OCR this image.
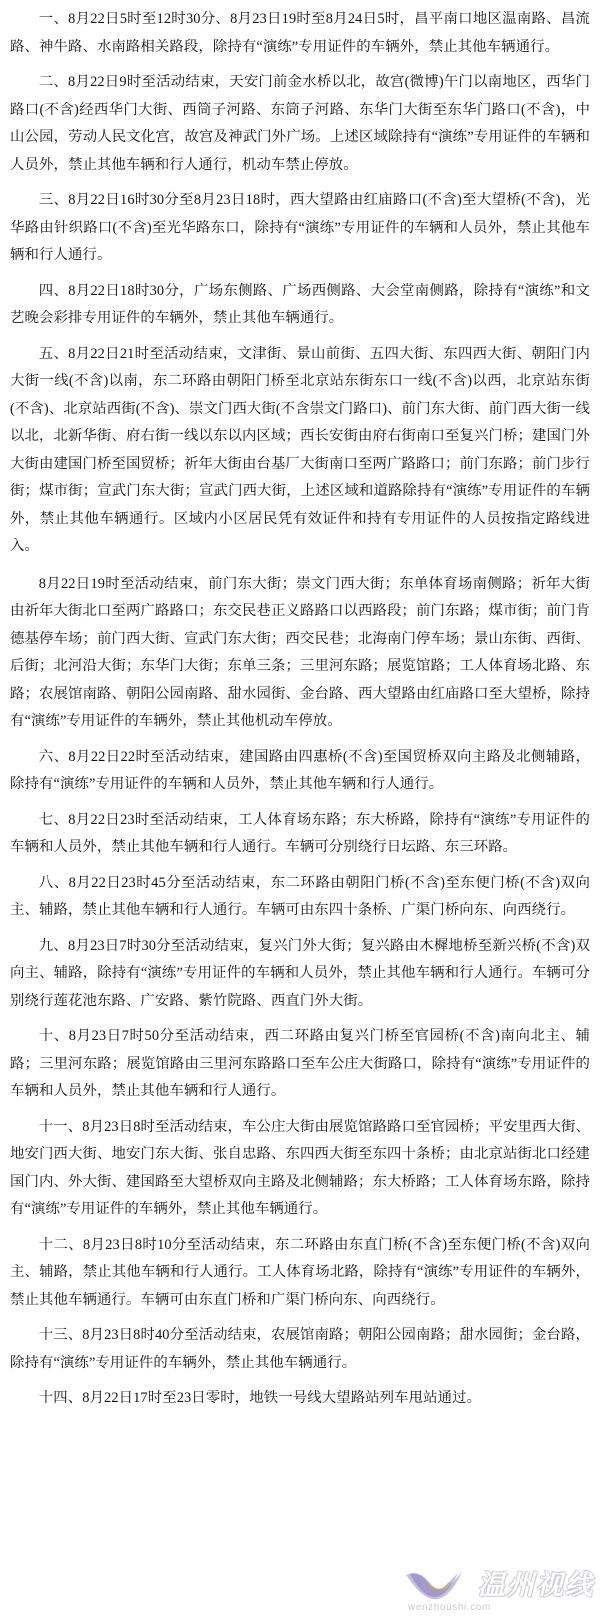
一、8月22日5时至12时30分、8月23日19时至8月24日5时，昌平南口地区温南路、昌流路、神牛路、水南路相关路段，除持有“演练”专用证件的车辆外，禁止其他车辆通行。

二、8月22日9时至活动结束，天安门前金水桥以北，故宫(微博)午门以南地区，西华门路口(不含)经西华门大街、西筒子河路、东筒子河路、东华门大街至东华门路口(不含)，中山公园，劳动人民文化宫，故宫及神武门外广场。上述区域除持有“演练”专用证件的车辆和人员外，禁止其他车辆和行人通行，机动车禁止停放。

三、8月22日16时30分至8月23日18时，西大望路由红庙路口(不含)至大望桥(不含)，光华路由针织路口(不含)至光华路东口，除持有“演练”专用证件的车辆和人员外，禁止其他车辆和行人通行。

四、8月22日18时30分，广场东侧路、广场西侧路、大会堂南侧路，除持有“演练”和文艺晚会彩排专用证件的车辆外，禁止其他车辆通行。

五、8月22日21时至活动结束，文津街、景山前街、五四大街、东四西大街、朝阳门内大街一线(不含)以南，东二环路由朝阳门桥至北京站东街东口一线(不含)以西，北京站东街(不含)、北京站西街(不含)、崇文门西大街(不含崇文门路口)、前门东大街、前门西大街一线以北，北新华街、府右街一线以东以内区域；西长安街由府右街南口至复兴门桥；建国门外大街由建国门桥至国贸桥；祈年大街由台基厂大街南口至两广路路口；前门东路；前门步行街；煤市街；宣武门东大街；宣武门西大街，上述区域和道路除持有“演练”专用证件的车辆外，禁止其他车辆通行。区域内小区居民凭有效证件和持有专用证件的人员按指定路线进入。

8月22日19时至活动结束，前门东大街；崇文门西大街；东单体育场南侧路；祈年大街由祈年大街北口至两广路路口；东交民巷正义路路口以西路段；前门东路；煤市街；前门肯德基停车场；前门西大街、宣武门东大街；西交民巷；北海南门停车场；景山东街、西街、后街；北河沿大街；东华门大街；东单三条；三里河东路；展览馆路；工人体育场北路、东路；农展馆南路、朝阳公园南路、甜水园街、金台路、西大望路由红庙路口至大望桥，除持有“演练”专用证件的车辆外，禁止其他机动车停放。

六、8月22日22时至活动结束，建国路由四惠桥(不含)至国贸桥双向主路及北侧辅路，除持有“演练”专用证件的车辆和人员外，禁止其他车辆和行人通行。

七、8月22日23时至活动结束，工人体育场东路；东大桥路，除持有“演练”专用证件的车辆和人员外，禁止其他车辆和行人通行。车辆可分别绕行日坛路、东三环路。

八、8月22日23时45分至活动结束，东二环路由朝阳门桥(不含)至东便门桥(不含)双向主、辅路，禁止其他车辆和行人通行。车辆可由东四十条桥、广渠门桥向东、向西绕行。

九、8月23日7时30分至活动结束，复兴门外大街；复兴路由木樨地桥至新兴桥(不含)双向主、辅路，除持有“演练”专用证件的车辆和人员外，禁止其他车辆和行人通行。车辆可分别绕行莲花池东路、广安路、紫竹院路、西直门外大街。

十、8月23日7时50分至活动结束，西二环路由复兴门桥至官园桥(不含)南向北主、辅路；三里河东路；展览馆路由三里河东路路口至车公庄大街路口，除持有“演练”专用证件的车辆和人员外，禁止其他车辆和行人通行。

十一、8月23日8时至活动结束，车公庄大街由展览馆路路口至官园桥；平安里西大街、地安门西大街、地安门东大街、张自忠路、东四西大街至东四十条桥；由北京站街北口经建国门内、外大街、建国路至大望桥双向主路及北侧辅路；东大桥路；工人体育场东路，除持有“演练”专用证件的车辆外，禁止其他车辆通行。

十二、8月23日8时10分至活动结束，东二环路由东直门桥(不含)至东便门桥(不含)双向主、辅路，禁止其他车辆和行人通行。工人体育场北路，除持有“演练”专用证件的车辆外，禁止其他车辆通行。车辆可由东直门桥和广渠门桥向东、向西绕行。

十三、8月23日8时40分至活动结束，农展馆南路；朝阳公园南路；甜水园街；金台路，除持有“演练”专用证件的车辆外，禁止其他车辆通行。

十四、8月22日17时至23日零时，地铁一号线大望路站列车甩站通过。

wenzhoushi.com
温州视线
